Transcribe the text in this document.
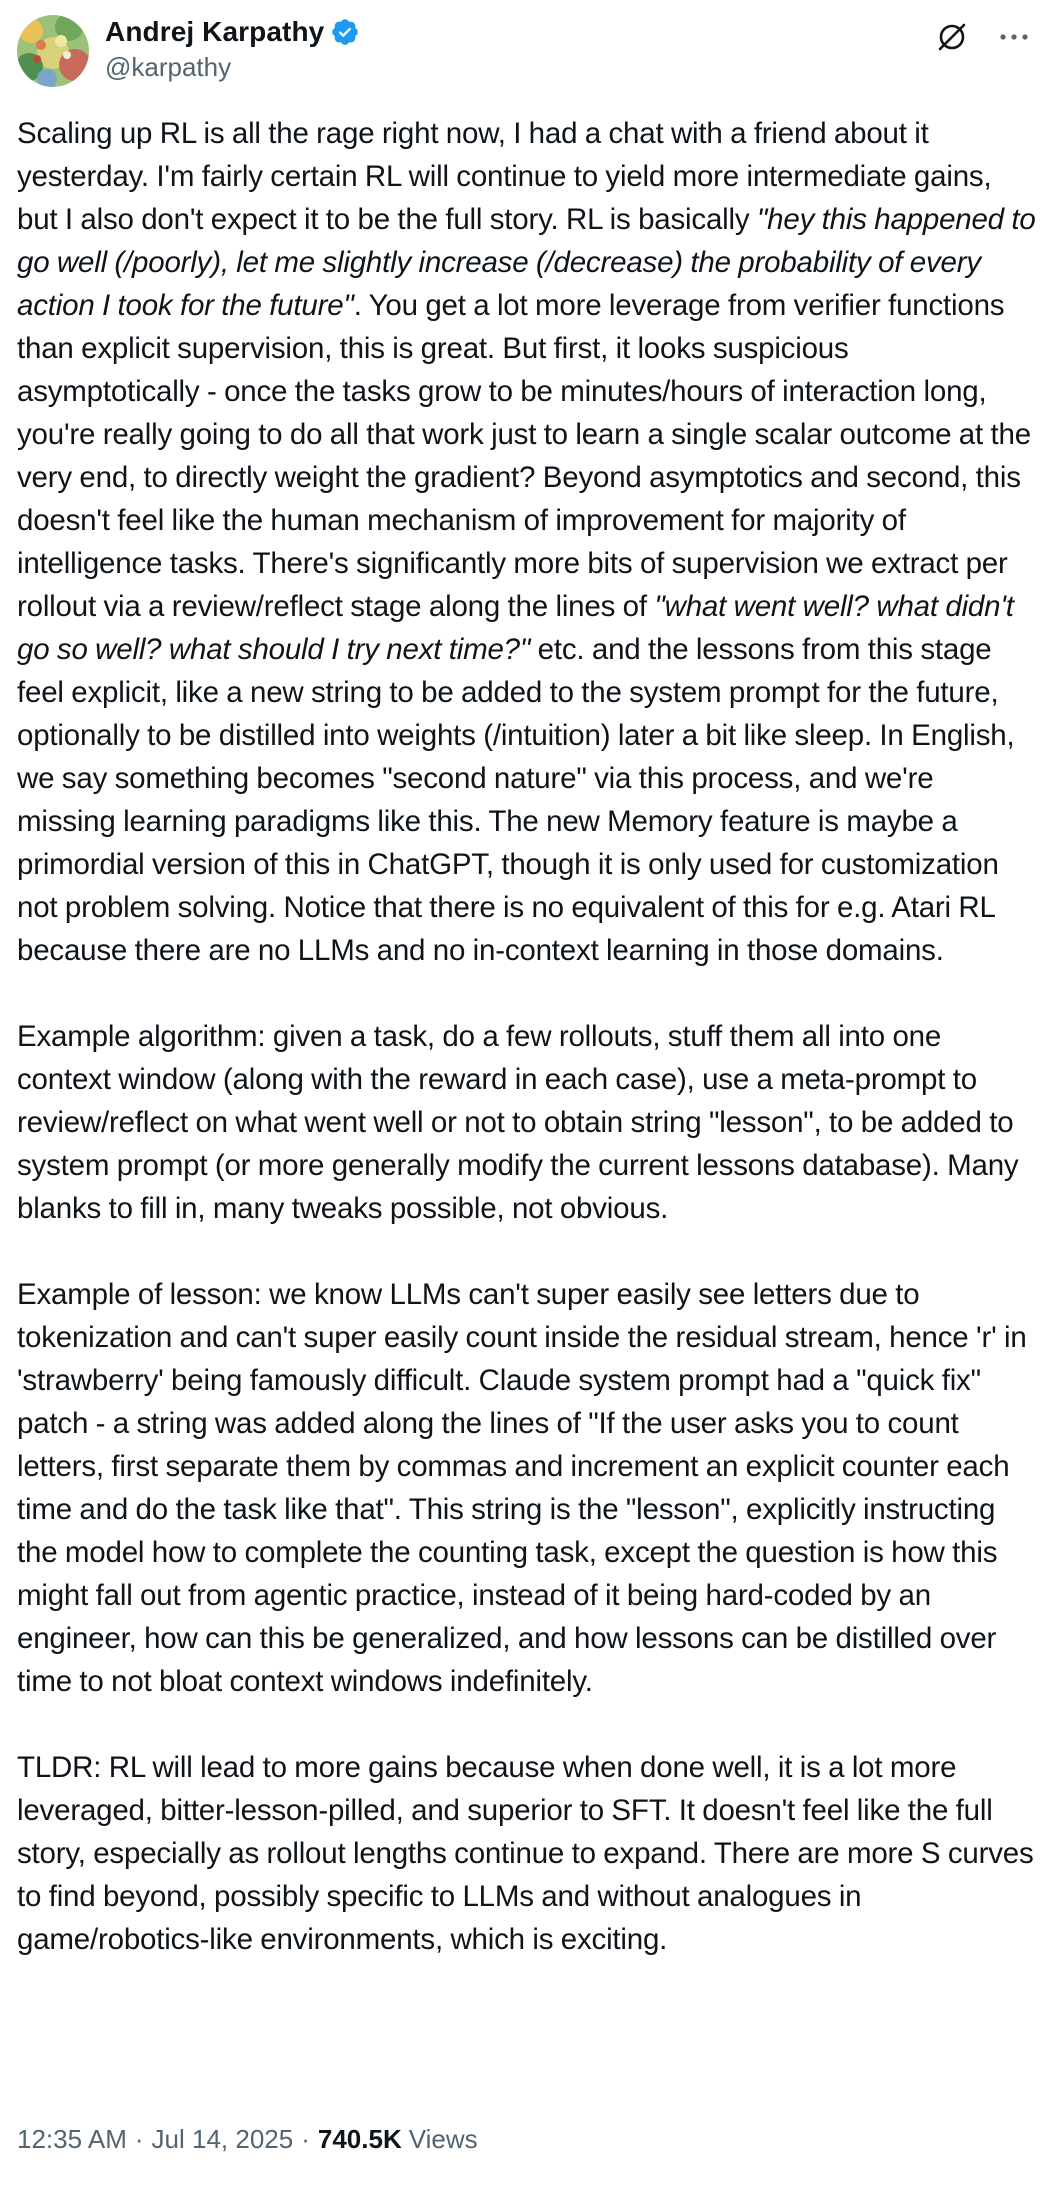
Andrej Karpathy
@karpathy

Scaling up RL is all the rage right now, I had a chat with a friend about it yesterday. I'm fairly certain RL will continue to yield more intermediate gains, but I also don't expect it to be the full story. RL is basically "hey this happened to go well (/poorly), let me slightly increase (/decrease) the probability of every action I took for the future". You get a lot more leverage from verifier functions than explicit supervision, this is great. But first, it looks suspicious asymptotically - once the tasks grow to be minutes/hours of interaction long, you're really going to do all that work just to learn a single scalar outcome at the very end, to directly weight the gradient? Beyond asymptotics and second, this doesn't feel like the human mechanism of improvement for majority of intelligence tasks. There's significantly more bits of supervision we extract per rollout via a review/reflect stage along the lines of "what went well? what didn't go so well? what should I try next time?" etc. and the lessons from this stage feel explicit, like a new string to be added to the system prompt for the future, optionally to be distilled into weights (/intuition) later a bit like sleep. In English, we say something becomes "second nature" via this process, and we're missing learning paradigms like this. The new Memory feature is maybe a primordial version of this in ChatGPT, though it is only used for customization not problem solving. Notice that there is no equivalent of this for e.g. Atari RL because there are no LLMs and no in-context learning in those domains.

Example algorithm: given a task, do a few rollouts, stuff them all into one context window (along with the reward in each case), use a meta-prompt to review/reflect on what went well or not to obtain string "lesson", to be added to system prompt (or more generally modify the current lessons database). Many blanks to fill in, many tweaks possible, not obvious.

Example of lesson: we know LLMs can't super easily see letters due to tokenization and can't super easily count inside the residual stream, hence 'r' in 'strawberry' being famously difficult. Claude system prompt had a "quick fix" patch - a string was added along the lines of "If the user asks you to count letters, first separate them by commas and increment an explicit counter each time and do the task like that". This string is the "lesson", explicitly instructing the model how to complete the counting task, except the question is how this might fall out from agentic practice, instead of it being hard-coded by an engineer, how can this be generalized, and how lessons can be distilled over time to not bloat context windows indefinitely.

TLDR: RL will lead to more gains because when done well, it is a lot more leveraged, bitter-lesson-pilled, and superior to SFT. It doesn't feel like the full story, especially as rollout lengths continue to expand. There are more S curves to find beyond, possibly specific to LLMs and without analogues in game/robotics-like environments, which is exciting.

12:35 AM · Jul 14, 2025 · 740.5K Views
